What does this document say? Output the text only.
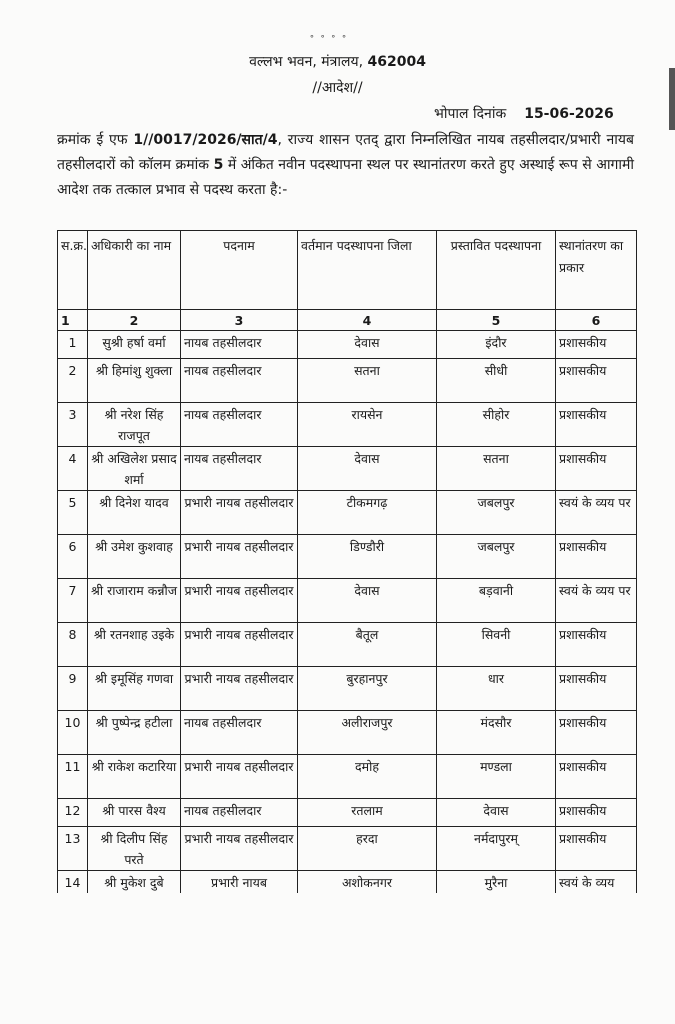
॰ ॰ ॰ ॰
वल्लभ भवन, मंत्रालय, 462004
//आदेश//
भोपाल दिनांक 15-06-2026
क्रमांक ई एफ 1//0017/2026/सात/4, राज्य शासन एतद् द्वारा निम्नलिखित नायब तहसीलदार/प्रभारी नायब तहसीलदारों को कॉलम क्रमांक 5 में अंकित नवीन पदस्थापना स्थल पर स्थानांतरण करते हुए अस्थाई रूप से आगामी आदेश तक तत्काल प्रभाव से पदस्थ करता है:-
स.क्र.	अधिकारी का नाम	पदनाम	वर्तमान पदस्थापना जिला	प्रस्तावित पदस्थापना	स्थानांतरण का प्रकार
1	2	3	4	5	6
1	सुश्री हर्षा वर्मा	नायब तहसीलदार	देवास	इंदौर	प्रशासकीय
2	श्री हिमांशु शुक्ला	नायब तहसीलदार	सतना	सीधी	प्रशासकीय
3	श्री नरेश सिंह राजपूत	नायब तहसीलदार	रायसेन	सीहोर	प्रशासकीय
4	श्री अखिलेश प्रसाद शर्मा	नायब तहसीलदार	देवास	सतना	प्रशासकीय
5	श्री दिनेश यादव	प्रभारी नायब तहसीलदार	टीकमगढ़	जबलपुर	स्वयं के व्यय पर
6	श्री उमेश कुशवाह	प्रभारी नायब तहसीलदार	डिण्डौरी	जबलपुर	प्रशासकीय
7	श्री राजाराम कन्नौज	प्रभारी नायब तहसीलदार	देवास	बड़वानी	स्वयं के व्यय पर
8	श्री रतनशाह उइके	प्रभारी नायब तहसीलदार	बैतूल	सिवनी	प्रशासकीय
9	श्री इमूसिंह गणवा	प्रभारी नायब तहसीलदार	बुरहानपुर	धार	प्रशासकीय
10	श्री पुष्पेन्द्र हटीला	नायब तहसीलदार	अलीराजपुर	मंदसौर	प्रशासकीय
11	श्री राकेश कटारिया	प्रभारी नायब तहसीलदार	दमोह	मण्डला	प्रशासकीय
12	श्री पारस वैश्य	नायब तहसीलदार	रतलाम	देवास	प्रशासकीय
13	श्री दिलीप सिंह परते	प्रभारी नायब तहसीलदार	हरदा	नर्मदापुरम्	प्रशासकीय
14	श्री मुकेश दुबे	प्रभारी नायब	अशोकनगर	मुरैना	स्वयं के व्यय
